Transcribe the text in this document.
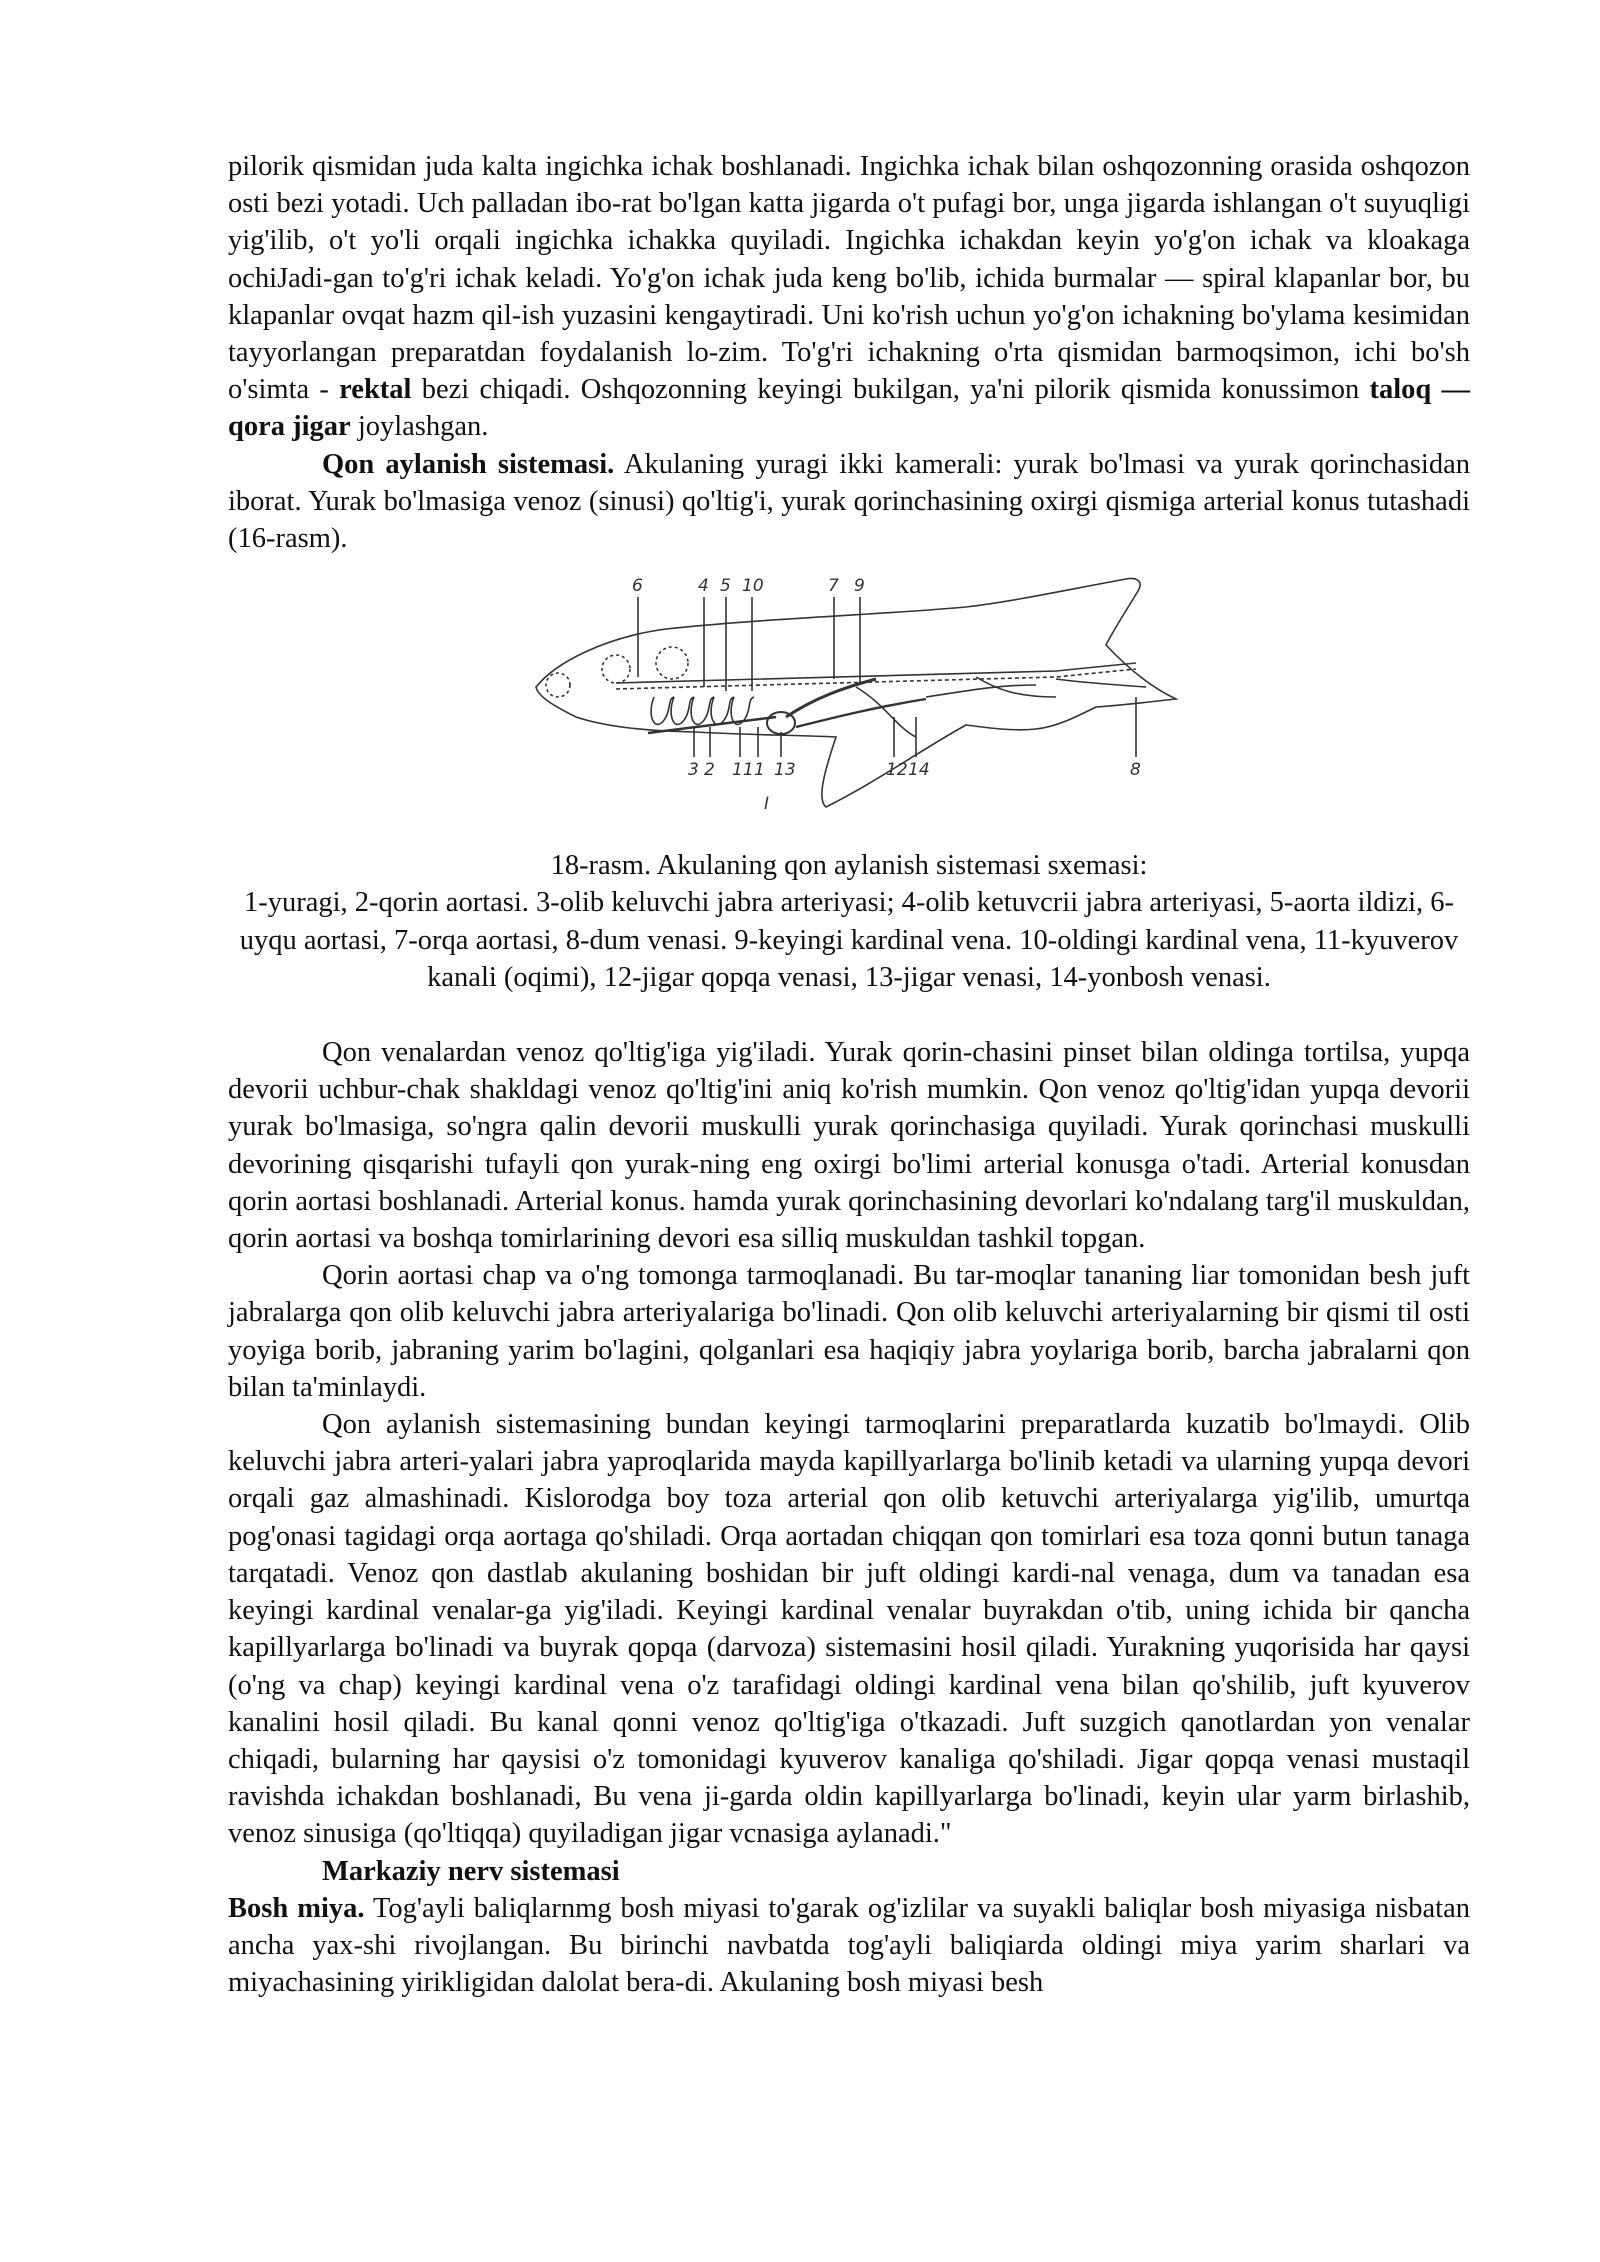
pilorik qismidan juda kalta ingichka ichak boshlanadi. Ingichka ichak bilan oshqozonning orasida oshqozon osti bezi yotadi. Uch palladan ibo-rat bo'lgan katta jigarda o't pufagi bor, unga jigarda ishlangan o't suyuqligi yig'ilib, o't yo'li orqali ingichka ichakka quyiladi. Ingichka ichakdan keyin yo'g'on ichak va kloakaga ochiJadi-gan to'g'ri ichak keladi. Yo'g'on ichak juda keng bo'lib, ichida burmalar — spiral klapanlar bor, bu klapanlar ovqat hazm qil-ish yuzasini kengaytiradi. Uni ko'rish uchun yo'g'on ichakning bo'ylama kesimidan tayyorlangan preparatdan foydalanish lo-zim. To'g'ri ichakning o'rta qismidan barmoqsimon, ichi bo'sh o'simta - rektal bezi chiqadi. Oshqozonning keyingi bukilgan, ya'ni pilorik qismida konussimon taloq — qora jigar joylashgan.

Qon aylanish sistemasi. Akulaning yuragi ikki kamerali: yurak bo'lmasi va yurak qorinchasidan iborat. Yurak bo'lmasiga venoz (sinusi) qo'ltig'i, yurak qorinchasining oxirgi qismiga arterial konus tutashadi (16-rasm).

6	4 5 10	7 9
3 2 11 1 13	12 14	8
I

18-rasm. Akulaning qon aylanish sistemasi sxemasi:

1-yuragi, 2-qorin aortasi. 3-olib keluvchi jabra arteriyasi; 4-olib ketuvcrii jabra arteriyasi, 5-aorta ildizi, 6-uyqu aortasi, 7-orqa aortasi, 8-dum venasi. 9-keyingi kardinal vena. 10-oldingi kardinal vena, 11-kyuverov kanali (oqimi), 12-jigar qopqa venasi, 13-jigar venasi, 14-yonbosh venasi.

Qon venalardan venoz qo'ltig'iga yig'iladi. Yurak qorin-chasini pinset bilan oldinga tortilsa, yupqa devorii uchbur-chak shakldagi venoz qo'ltig'ini aniq ko'rish mumkin. Qon venoz qo'ltig'idan yupqa devorii yurak bo'lmasiga, so'ngra qalin devorii muskulli yurak qorinchasiga quyiladi. Yurak qorinchasi muskulli devorining qisqarishi tufayli qon yurak-ning eng oxirgi bo'limi arterial konusga o'tadi. Arterial konusdan qorin aortasi boshlanadi. Arterial konus. hamda yurak qorinchasining devorlari ko'ndalang targ'il muskuldan, qorin aortasi va boshqa tomirlarining devori esa silliq muskuldan tashkil topgan.

Qorin aortasi chap va o'ng tomonga tarmoqlanadi. Bu tar-moqlar tananing liar tomonidan besh juft jabralarga qon olib keluvchi jabra arteriyalariga bo'linadi. Qon olib keluvchi arteriyalarning bir qismi til osti yoyiga borib, jabraning yarim bo'lagini, qolganlari esa haqiqiy jabra yoylariga borib, barcha jabralarni qon bilan ta'minlaydi.

Qon aylanish sistemasining bundan keyingi tarmoqlarini preparatlarda kuzatib bo'lmaydi. Olib keluvchi jabra arteri-yalari jabra yaproqlarida mayda kapillyarlarga bo'linib ketadi va ularning yupqa devori orqali gaz almashinadi. Kislorodga boy toza arterial qon olib ketuvchi arteriyalarga yig'ilib, umurtqa pog'onasi tagidagi orqa aortaga qo'shiladi. Orqa aortadan chiqqan qon tomirlari esa toza qonni butun tanaga tarqatadi. Venoz qon dastlab akulaning boshidan bir juft oldingi kardi-nal venaga, dum va tanadan esa keyingi kardinal venalar-ga yig'iladi. Keyingi kardinal venalar buyrakdan o'tib, uning ichida bir qancha kapillyarlarga bo'linadi va buyrak qopqa (darvoza) sistemasini hosil qiladi. Yurakning yuqorisida har qaysi (o'ng va chap) keyingi kardinal vena o'z tarafidagi oldingi kardinal vena bilan qo'shilib, juft kyuverov kanalini hosil qiladi. Bu kanal qonni venoz qo'ltig'iga o'tkazadi. Juft suzgich qanotlardan yon venalar chiqadi, bularning har qaysisi o'z tomonidagi kyuverov kanaliga qo'shiladi. Jigar qopqa venasi mustaqil ravishda ichakdan boshlanadi, Bu vena ji-garda oldin kapillyarlarga bo'linadi, keyin ular yarm birlashib, venoz sinusiga (qo'ltiqqa) quyiladigan jigar vcnasiga aylanadi."

Markaziy nerv sistemasi

Bosh miya. Tog'ayli baliqlarnmg bosh miyasi to'garak og'izlilar va suyakli baliqlar bosh miyasiga nisbatan ancha yax-shi rivojlangan. Bu birinchi navbatda tog'ayli baliqiarda oldingi miya yarim sharlari va miyachasining yirikligidan dalolat bera-di. Akulaning bosh miyasi besh
